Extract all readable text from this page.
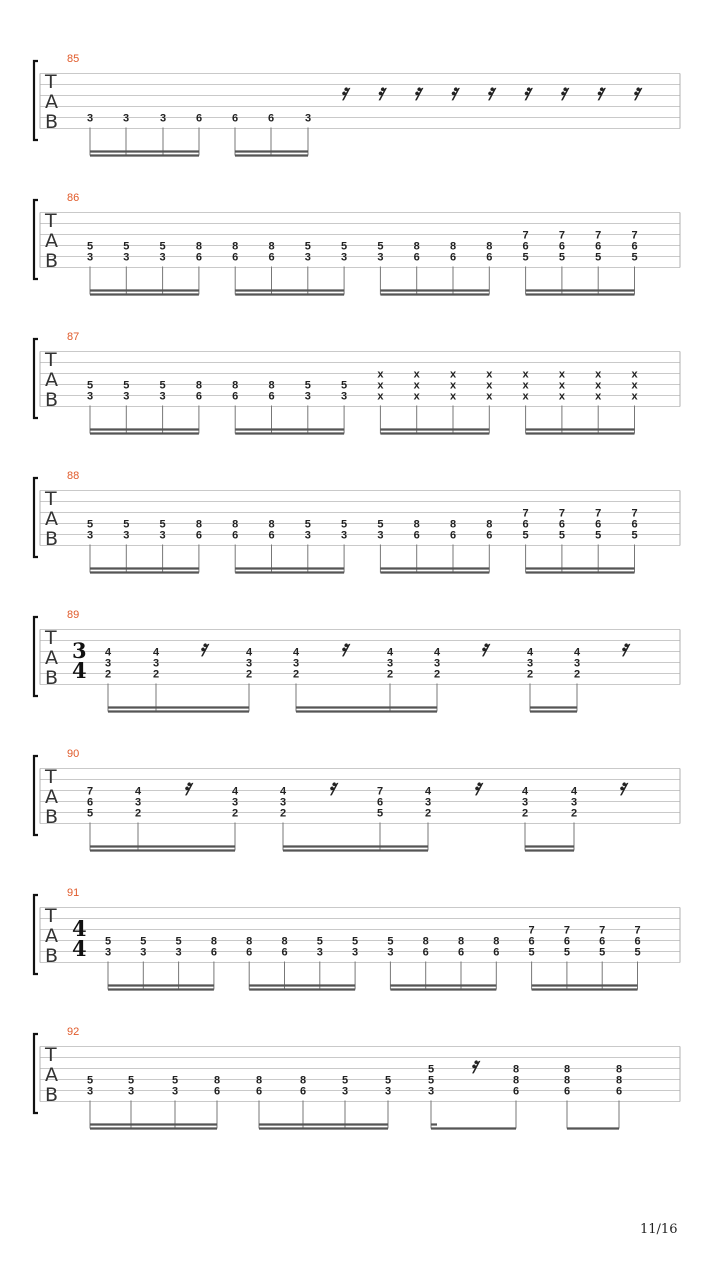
85
T
A
B	3	3	3	6	6	6	3
𝄿 𝄿 𝄿 𝄿 𝄿 𝄿 𝄿 𝄿 𝄿
86
T
A
B
5
3
5
3
5
3
8
6
8
6
8
6
5
3
5
3
5
3
8
6
8
6
8
6
7
6
5
7
6
5
7
6
5
7
6
5
87
T
A
B
5
3
5
3
5
3
8
6
8
6
8
6
5
3
5
3
x
x
x
x
x
x
x
x
x
x
x
x
x
x
x
x
x
x
x
x
x
x
x
x
88
T
A
B
5
3
5
3
5
3
8
6
8
6
8
6
5
3
5
3
5
3
8
6
8
6
8
6
7
6
5
7
6
5
7
6
5
7
6
5
89
T
A
B
3
4
4
3
2
4
3
2
𝄿	4
3
2
4
3
2
𝄿	4
3
2
4
3
2
𝄿	4
3
2
4
3
2
𝄿
90
T
A
B
7
6
5
4
3
2
𝄿	4
3
2
4
3
2
𝄿	7
6
5
4
3
2
𝄿	4
3
2
4
3
2
𝄿
91
T
A
B
4
4 5
3
5
3
5
3
8
6
8
6
8
6
5
3
5
3
5
3
8
6
8
6
8
6
7
6
5
7
6
5
7
6
5
7
6
5
92
T
A
B
5
3
5
3
5
3
8
6
8
6
8
6
5
3
5
3
5
5
3
𝄿	8
8
6
8
8
6
8
8
6
11/16
